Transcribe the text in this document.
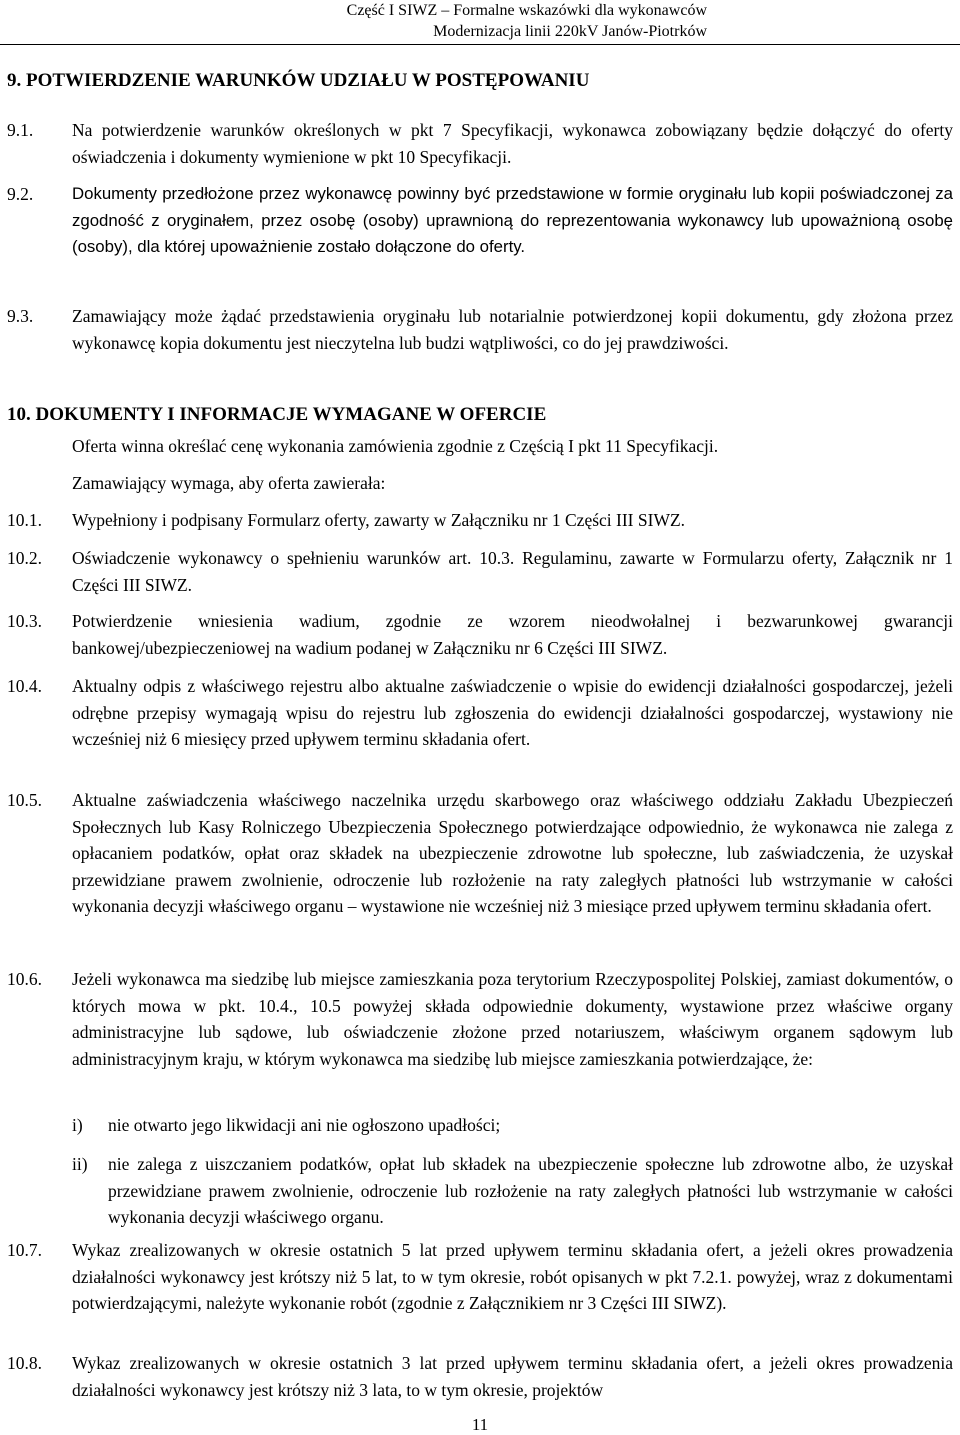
Część I SIWZ – Formalne wskazówki dla wykonawców
Modernizacja linii 220kV Janów-Piotrków
9. POTWIERDZENIE WARUNKÓW UDZIAŁU W POSTĘPOWANIU
9.1. Na potwierdzenie warunków określonych w pkt 7 Specyfikacji, wykonawca zobowiązany będzie dołączyć do oferty oświadczenia i dokumenty wymienione w pkt 10 Specyfikacji.
9.2. Dokumenty przedłożone przez wykonawcę powinny być przedstawione w formie oryginału lub kopii poświadczonej za zgodność z oryginałem, przez osobę (osoby) uprawnioną do reprezentowania wykonawcy lub upoważnioną osobę (osoby), dla której upoważnienie zostało dołączone do oferty.
9.3. Zamawiający może żądać przedstawienia oryginału lub notarialnie potwierdzonej kopii dokumentu, gdy złożona przez wykonawcę kopia dokumentu jest nieczytelna lub budzi wątpliwości, co do jej prawdziwości.
10. DOKUMENTY I INFORMACJE WYMAGANE W OFERCIE
Oferta winna określać cenę wykonania zamówienia zgodnie z Częścią I pkt 11 Specyfikacji.
Zamawiający wymaga, aby oferta zawierała:
10.1. Wypełniony i podpisany Formularz oferty, zawarty w Załączniku nr 1 Części III SIWZ.
10.2. Oświadczenie wykonawcy o spełnieniu warunków art. 10.3. Regulaminu, zawarte w Formularzu oferty, Załącznik nr 1 Części III SIWZ.
10.3. Potwierdzenie wniesienia wadium, zgodnie ze wzorem nieodwołalnej i bezwarunkowej gwarancji bankowej/ubezpieczeniowej na wadium podanej w Załączniku nr 6 Części III SIWZ.
10.4. Aktualny odpis z właściwego rejestru albo aktualne zaświadczenie o wpisie do ewidencji działalności gospodarczej, jeżeli odrębne przepisy wymagają wpisu do rejestru lub zgłoszenia do ewidencji działalności gospodarczej, wystawiony nie wcześniej niż 6 miesięcy przed upływem terminu składania ofert.
10.5. Aktualne zaświadczenia właściwego naczelnika urzędu skarbowego oraz właściwego oddziału Zakładu Ubezpieczeń Społecznych lub Kasy Rolniczego Ubezpieczenia Społecznego potwierdzające odpowiednio, że wykonawca nie zalega z opłacaniem podatków, opłat oraz składek na ubezpieczenie zdrowotne lub społeczne, lub zaświadczenia, że uzyskał przewidziane prawem zwolnienie, odroczenie lub rozłożenie na raty zaległych płatności lub wstrzymanie w całości wykonania decyzji właściwego organu – wystawione nie wcześniej niż 3 miesiące przed upływem terminu składania ofert.
10.6. Jeżeli wykonawca ma siedzibę lub miejsce zamieszkania poza terytorium Rzeczypospolitej Polskiej, zamiast dokumentów, o których mowa w pkt. 10.4., 10.5 powyżej składa odpowiednie dokumenty, wystawione przez właściwe organy administracyjne lub sądowe, lub oświadczenie złożone przed notariuszem, właściwym organem sądowym lub administracyjnym kraju, w którym wykonawca ma siedzibę lub miejsce zamieszkania potwierdzające, że:
i) nie otwarto jego likwidacji ani nie ogłoszono upadłości;
ii) nie zalega z uiszczaniem podatków, opłat lub składek na ubezpieczenie społeczne lub zdrowotne albo, że uzyskał przewidziane prawem zwolnienie, odroczenie lub rozłożenie na raty zaległych płatności lub wstrzymanie w całości wykonania decyzji właściwego organu.
10.7. Wykaz zrealizowanych w okresie ostatnich 5 lat przed upływem terminu składania ofert, a jeżeli okres prowadzenia działalności wykonawcy jest krótszy niż 5 lat, to w tym okresie, robót opisanych w pkt 7.2.1. powyżej, wraz z dokumentami potwierdzającymi, należyte wykonanie robót (zgodnie z Załącznikiem nr 3 Części III SIWZ).
10.8. Wykaz zrealizowanych w okresie ostatnich 3 lat przed upływem terminu składania ofert, a jeżeli okres prowadzenia działalności wykonawcy jest krótszy niż 3 lata, to w tym okresie, projektów
11
